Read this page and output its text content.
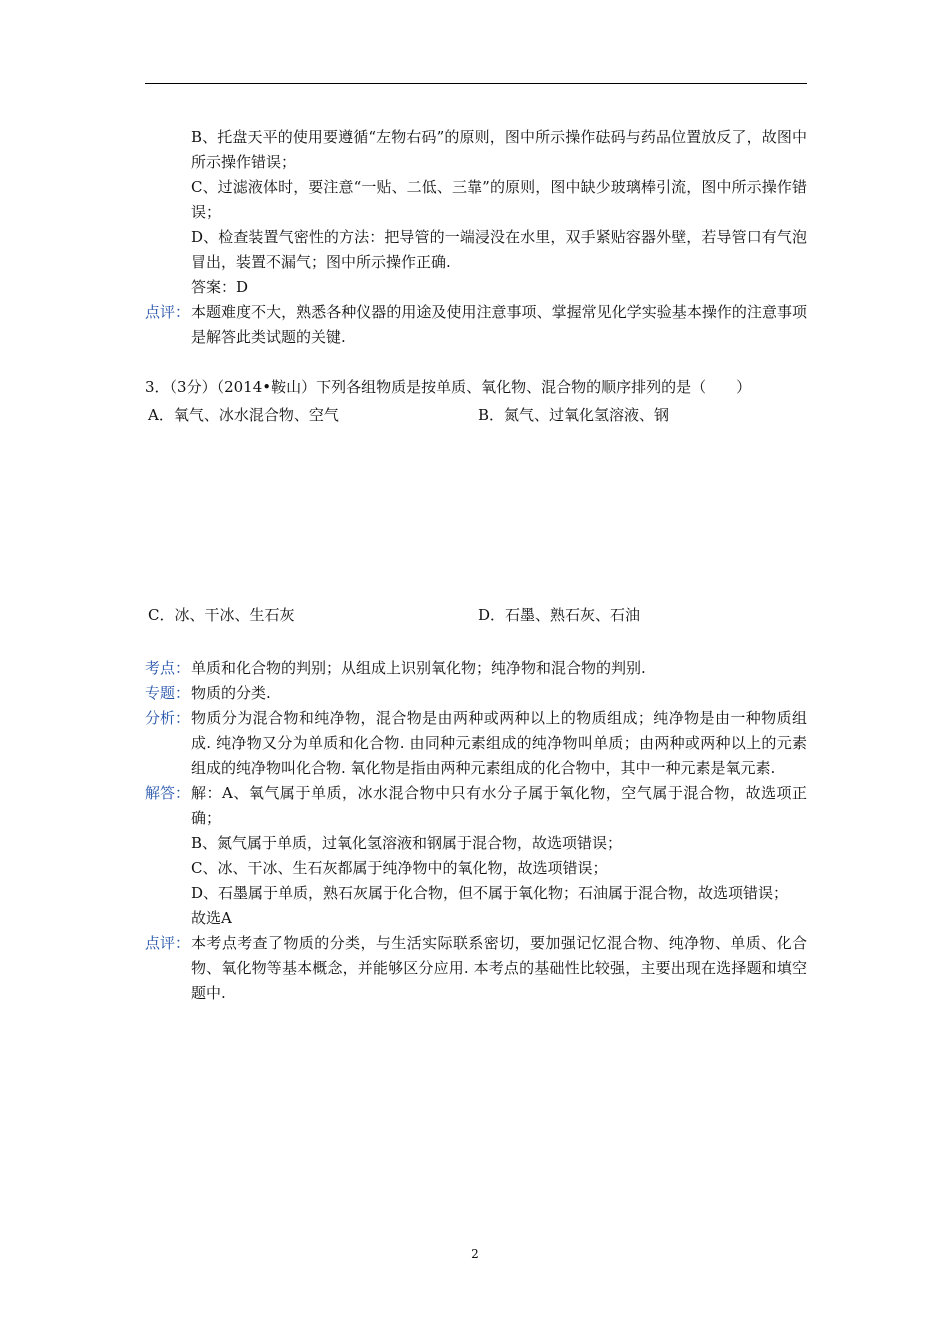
B、托盘天平的使用要遵循“左物右码”的原则，图中所示操作砝码与药品位置放反了，故图中所示操作错误；
C、过滤液体时，要注意“一贴、二低、三靠”的原则，图中缺少玻璃棒引流，图中所示操作错误；
D、检查装置气密性的方法：把导管的一端浸没在水里，双手紧贴容器外壁，若导管口有气泡冒出，装置不漏气；图中所示操作正确.
答案：D
点评： 本题难度不大，熟悉各种仪器的用途及使用注意事项、掌握常见化学实验基本操作的注意事项是解答此类试题的关键.
3．（3分）（2014•鞍山）下列各组物质是按单质、氧化物、混合物的顺序排列的是（　　）
A．氧气、冰水混合物、空气	B．氮气、过氧化氢溶液、钢
C．冰、干冰、生石灰	D．石墨、熟石灰、石油
考点： 单质和化合物的判别；从组成上识别氧化物；纯净物和混合物的判别.
专题： 物质的分类.
分析： 物质分为混合物和纯净物，混合物是由两种或两种以上的物质组成；纯净物是由一种物质组成. 纯净物又分为单质和化合物. 由同种元素组成的纯净物叫单质；由两种或两种以上的元素组成的纯净物叫化合物. 氧化物是指由两种元素组成的化合物中，其中一种元素是氧元素.
解答： 解：A、氧气属于单质，冰水混合物中只有水分子属于氧化物，空气属于混合物，故选项正确；
B、氮气属于单质，过氧化氢溶液和钢属于混合物，故选项错误；
C、冰、干冰、生石灰都属于纯净物中的氧化物，故选项错误；
D、石墨属于单质，熟石灰属于化合物，但不属于氧化物；石油属于混合物，故选项错误；
故选A
点评： 本考点考查了物质的分类，与生活实际联系密切，要加强记忆混合物、纯净物、单质、化合物、氧化物等基本概念，并能够区分应用. 本考点的基础性比较强，主要出现在选择题和填空题中.
2
